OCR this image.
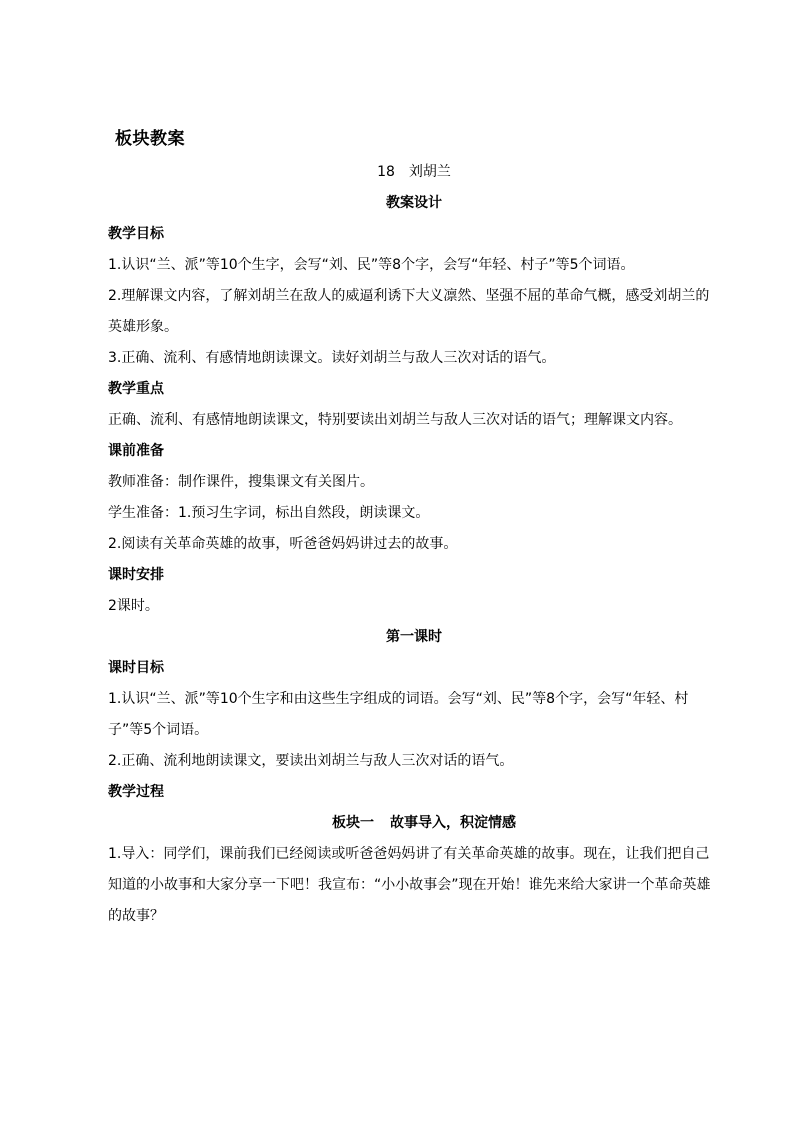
板块教案
18 刘胡兰
教案设计
教学目标
1.认识“兰、派”等10个生字，会写“刘、民”等8个字，会写“年轻、村子”等5个词语。
2.理解课文内容，了解刘胡兰在敌人的威逼利诱下大义凛然、坚强不屈的革命气概，感受刘胡兰的英雄形象。
3.正确、流利、有感情地朗读课文。读好刘胡兰与敌人三次对话的语气。
教学重点
正确、流利、有感情地朗读课文，特别要读出刘胡兰与敌人三次对话的语气；理解课文内容。
课前准备
教师准备：制作课件，搜集课文有关图片。
学生准备：1.预习生字词，标出自然段，朗读课文。
2.阅读有关革命英雄的故事，听爸爸妈妈讲过去的故事。
课时安排
2课时。
第一课时
课时目标
1.认识“兰、派”等10个生字和由这些生字组成的词语。会写“刘、民”等8个字，会写“年轻、村子”等5个词语。
2.正确、流利地朗读课文，要读出刘胡兰与敌人三次对话的语气。
教学过程
板块一 故事导入，积淀情感
1.导入：同学们，课前我们已经阅读或听爸爸妈妈讲了有关革命英雄的故事。现在，让我们把自己知道的小故事和大家分享一下吧！我宣布：“小小故事会”现在开始！谁先来给大家讲一个革命英雄的故事？
